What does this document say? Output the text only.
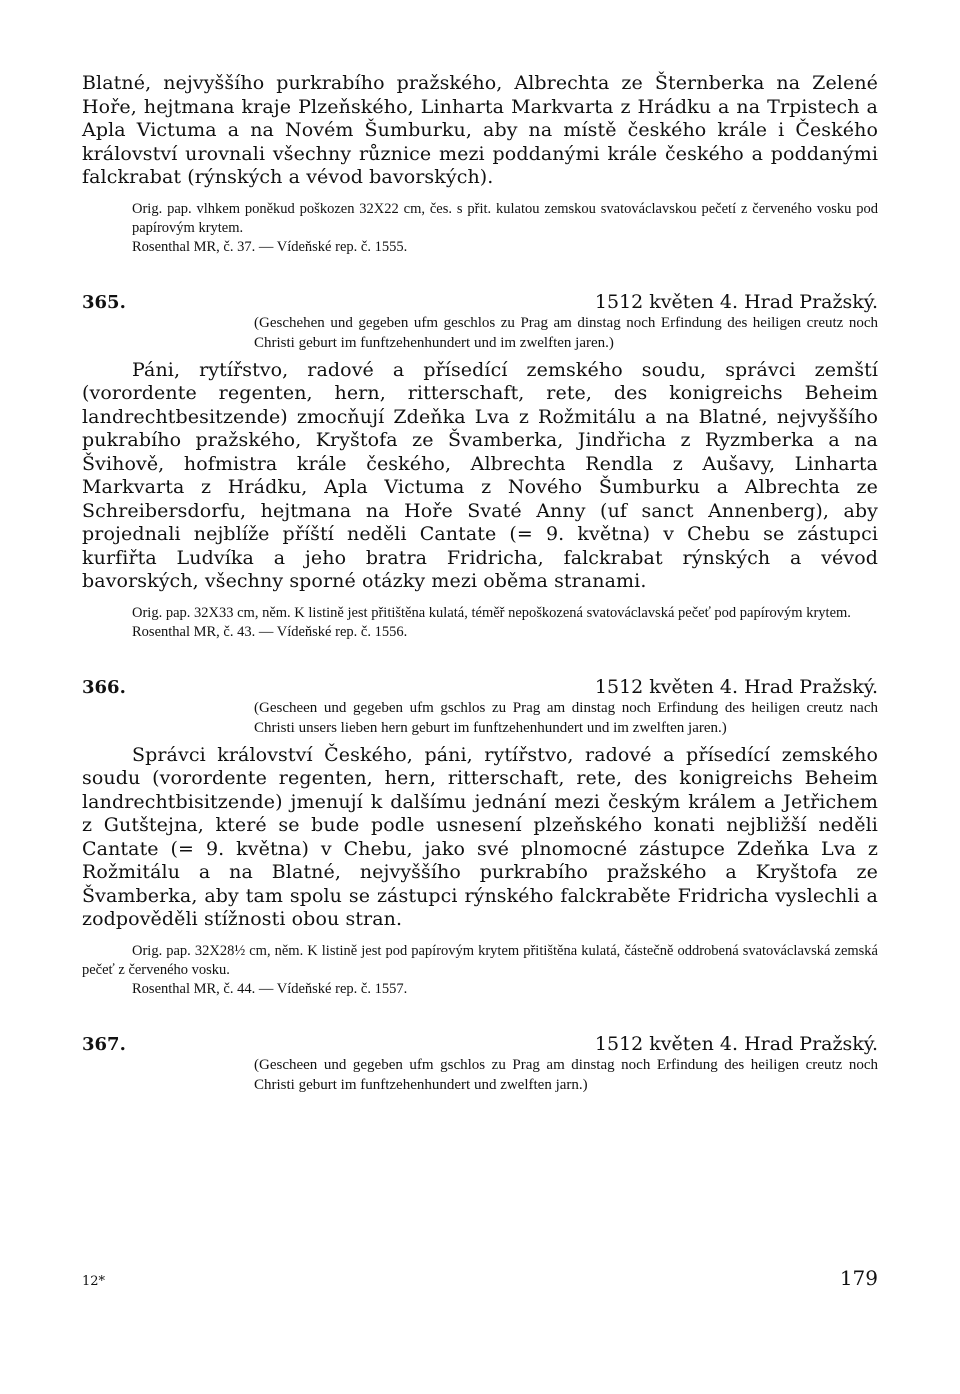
Blatné, nejvyššího purkrabího pražského, Albrechta ze Šternberka na Zelené Hoře, hejtmana kraje Plzeňského, Linharta Markvarta z Hrádku a na Trpistech a Apla Victuma a na Novém Šumburku, aby na místě českého krále i Českého království urovnali všechny různice mezi poddanými krále českého a poddanými falckrabat (rýnských a vévod bavorských).

Orig. pap. vlhkem poněkud poškozen 32X22 cm, čes. s přit. kulatou zemskou svatováclavskou pečetí z červeného vosku pod papírovým krytem.

Rosenthal MR, č. 37. — Vídeňské rep. č. 1555.

365.	1512 květen 4. Hrad Pražský.

(Geschehen und gegeben ufm geschlos zu Prag am dinstag noch Erfindung des heiligen creutz noch Christi geburt im funftzehenhundert und im zwelften jaren.)

Páni, rytířstvo, radové a přísedící zemského soudu, správci zemští (vorordente regenten, hern, ritterschaft, rete, des konigreichs Beheim landrechtbesitzende) zmocňují Zdeňka Lva z Rožmitálu a na Blatné, nejvyššího pukrabího pražského, Kryštofa ze Švamberka, Jindřicha z Ryzmberka a na Švihově, hofmistra krále českého, Albrechta Rendla z Aušavy, Linharta Markvarta z Hrádku, Apla Victuma z Nového Šumburku a Albrechta ze Schreibersdorfu, hejtmana na Hoře Svaté Anny (uf sanct Annenberg), aby projednali nejblíže příští neděli Cantate (= 9. května) v Chebu se zástupci kurfiřta Ludvíka a jeho bratra Fridricha, falckrabat rýnských a vévod bavorských, všechny sporné otázky mezi oběma stranami.

Orig. pap. 32X33 cm, něm. K listině jest přitištěna kulatá, téměř nepoškozená svatováclavská pečeť pod papírovým krytem.

Rosenthal MR, č. 43. — Vídeňské rep. č. 1556.

366.	1512 květen 4. Hrad Pražský.

(Gescheen und gegeben ufm gschlos zu Prag am dinstag noch Erfindung des heiligen creutz nach Christi unsers lieben hern geburt im funftzehenhundert und im zwelften jaren.)

Správci království Českého, páni, rytířstvo, radové a přísedící zemského soudu (vorordente regenten, hern, ritterschaft, rete, des konigreichs Beheim landrechtbisitzende) jmenují k dalšímu jednání mezi českým králem a Jetřichem z Gutštejna, které se bude podle usnesení plzeňského konati nejbližší neděli Cantate (= 9. května) v Chebu, jako své plnomocné zástupce Zdeňka Lva z Rožmitálu a na Blatné, nejvyššího purkrabího pražského a Kryštofa ze Švamberka, aby tam spolu se zástupci rýnského falckraběte Fridricha vyslechli a zodpověděli stížnosti obou stran.

Orig. pap. 32X28½ cm, něm. K listině jest pod papírovým krytem přitištěna kulatá, částečně oddrobená svatováclavská zemská pečeť z červeného vosku.

Rosenthal MR, č. 44. — Vídeňské rep. č. 1557.

367.	1512 květen 4. Hrad Pražský.

(Gescheen und gegeben ufm gschlos zu Prag am dinstag noch Erfindung des heiligen creutz noch Christi geburt im funftzehenhundert und zwelften jarn.)

12*	179
